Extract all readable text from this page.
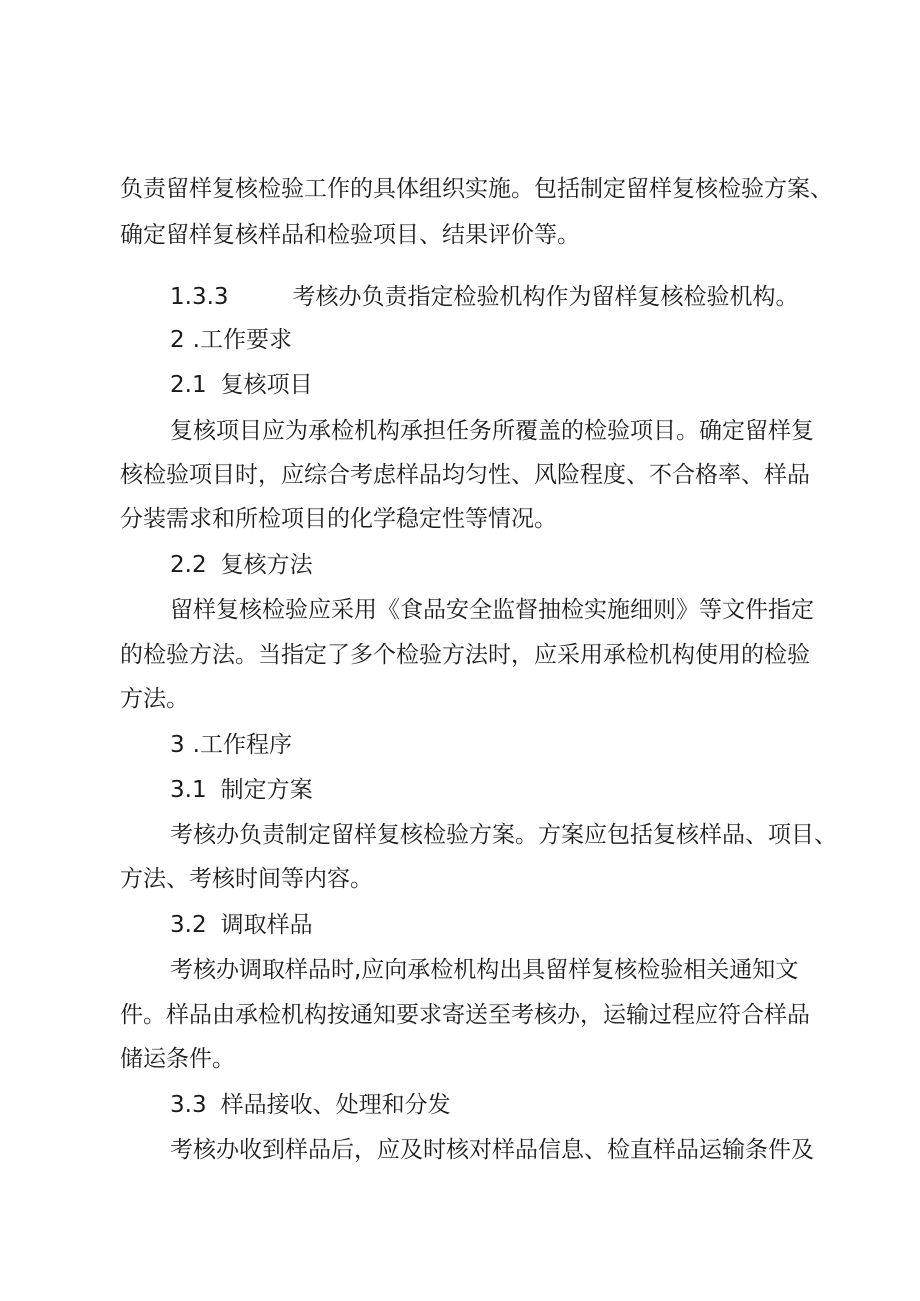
负责留样复核检验工作的具体组织实施。包括制定留样复核检验方案、
确定留样复核样品和检验项目、结果评价等。
1.3.3	考核办负责指定检验机构作为留样复核检验机构。
2 .工作要求
2.1 复核项目
复核项目应为承检机构承担任务所覆盖的检验项目。确定留样复
核检验项目时，应综合考虑样品均匀性、风险程度、不合格率、样品
分装需求和所检项目的化学稳定性等情况。
2.2 复核方法
留样复核检验应采用《食品安全监督抽检实施细则》等文件指定
的检验方法。当指定了多个检验方法时，应采用承检机构使用的检验
方法。
3 .工作程序
3.1 制定方案
考核办负责制定留样复核检验方案。方案应包括复核样品、项目、
方法、考核时间等内容。
3.2 调取样品
考核办调取样品时,应向承检机构出具留样复核检验相关通知文
件。样品由承检机构按通知要求寄送至考核办，运输过程应符合样品
储运条件。
3.3 样品接收、处理和分发
考核办收到样品后，应及时核对样品信息、检直样品运输条件及
